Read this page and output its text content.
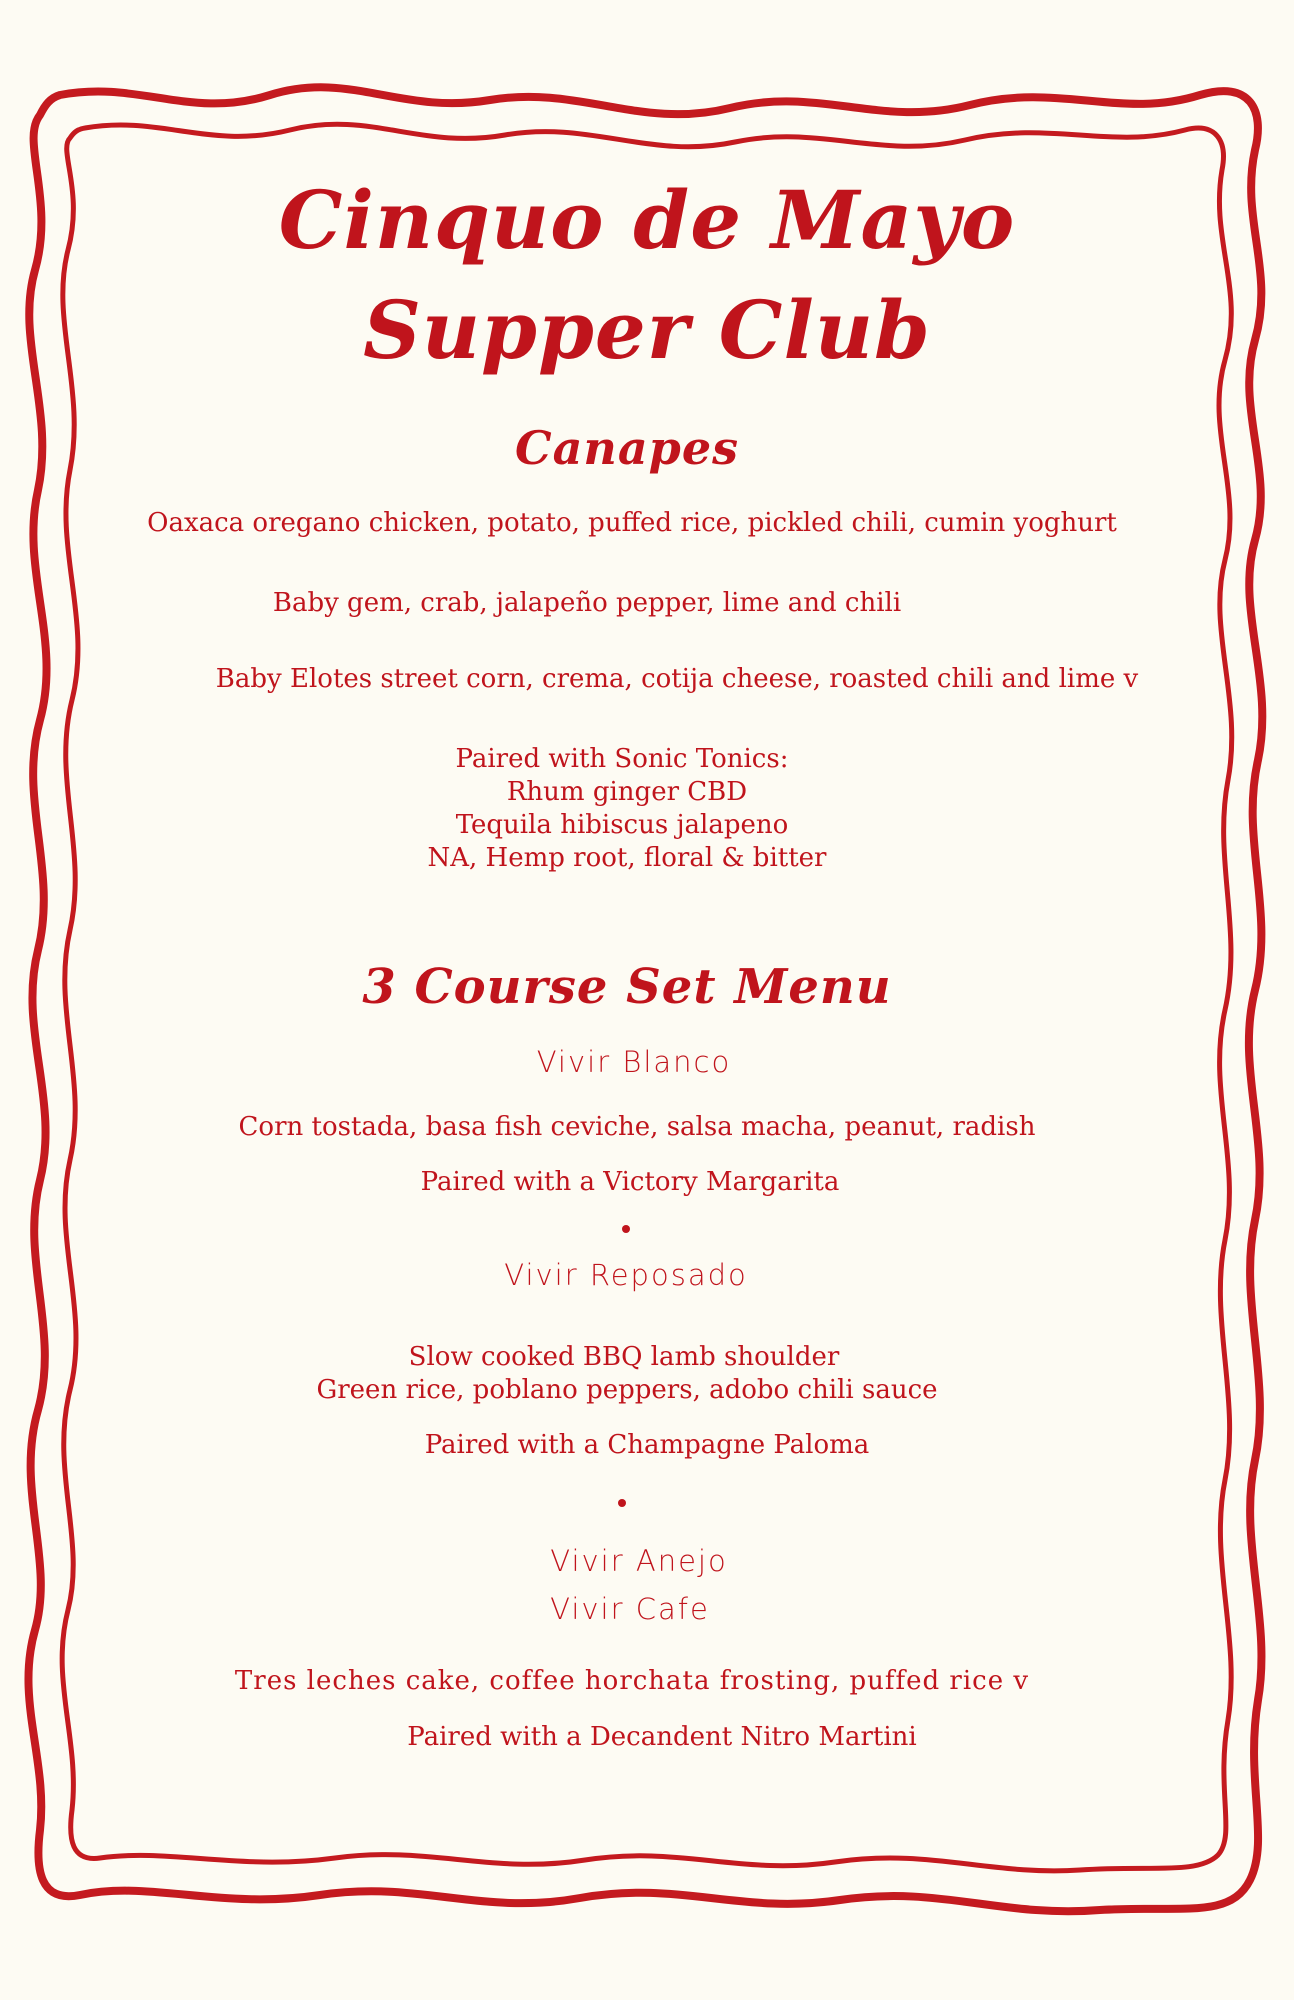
Cinquo de Mayo
Supper Club
Canapes
Oaxaca oregano chicken, potato, puffed rice, pickled chili, cumin yoghurt
Baby gem, crab, jalapeño pepper, lime and chili
Baby Elotes street corn, crema, cotija cheese, roasted chili and lime v
Paired with Sonic Tonics:
Rhum ginger CBD
Tequila hibiscus jalapeno
NA, Hemp root, floral & bitter
3 Course Set Menu
Vivir Blanco
Corn tostada, basa fish ceviche, salsa macha, peanut, radish
Paired with a Victory Margarita
Vivir Reposado
Slow cooked BBQ lamb shoulder
Green rice, poblano peppers, adobo chili sauce
Paired with a Champagne Paloma
Vivir Anejo
Vivir Cafe
Tres leches cake, coffee horchata frosting, puffed rice v
Paired with a Decandent Nitro Martini
